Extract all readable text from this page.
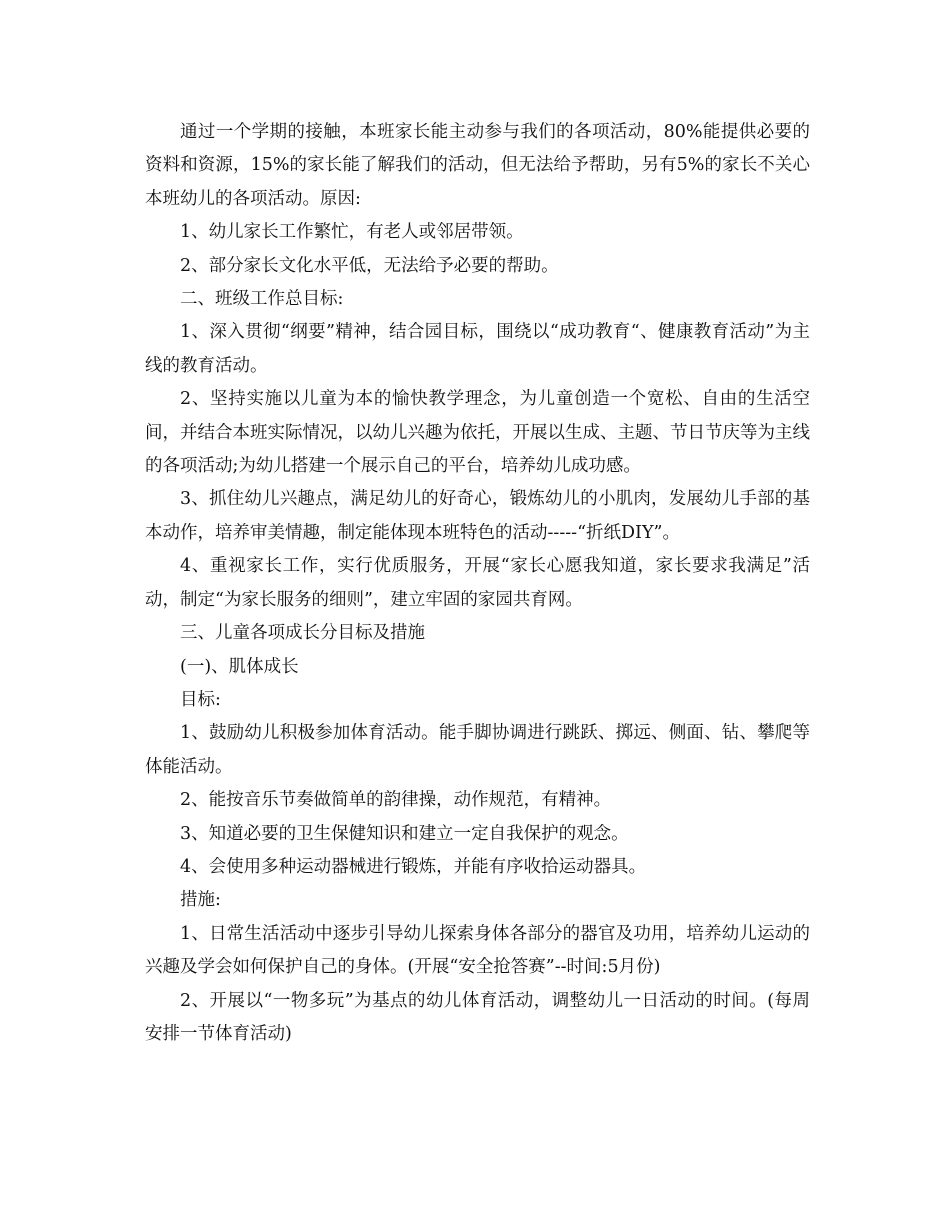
通过一个学期的接触，本班家长能主动参与我们的各项活动，80%能提供必要的资料和资源，15%的家长能了解我们的活动，但无法给予帮助，另有5%的家长不关心本班幼儿的各项活动。原因:

1、幼儿家长工作繁忙，有老人或邻居带领。

2、部分家长文化水平低，无法给予必要的帮助。

二、班级工作总目标:

1、深入贯彻“纲要”精神，结合园目标，围绕以“成功教育“、健康教育活动”为主线的教育活动。

2、坚持实施以儿童为本的愉快教学理念，为儿童创造一个宽松、自由的生活空间，并结合本班实际情况，以幼儿兴趣为依托，开展以生成、主题、节日节庆等为主线的各项活动;为幼儿搭建一个展示自己的平台，培养幼儿成功感。

3、抓住幼儿兴趣点，满足幼儿的好奇心，锻炼幼儿的小肌肉，发展幼儿手部的基本动作，培养审美情趣，制定能体现本班特色的活动-----“折纸DIY”。

4、重视家长工作，实行优质服务，开展“家长心愿我知道，家长要求我满足”活动，制定“为家长服务的细则”，建立牢固的家园共育网。

三、儿童各项成长分目标及措施

(一)、肌体成长

目标:

1、鼓励幼儿积极参加体育活动。能手脚协调进行跳跃、掷远、侧面、钻、攀爬等体能活动。

2、能按音乐节奏做简单的韵律操，动作规范，有精神。

3、知道必要的卫生保健知识和建立一定自我保护的观念。

4、会使用多种运动器械进行锻炼，并能有序收拾运动器具。

措施:

1、日常生活活动中逐步引导幼儿探索身体各部分的器官及功用，培养幼儿运动的兴趣及学会如何保护自己的身体。(开展“安全抢答赛”--时间:5月份)

2、开展以“一物多玩”为基点的幼儿体育活动，调整幼儿一日活动的时间。(每周安排一节体育活动)
